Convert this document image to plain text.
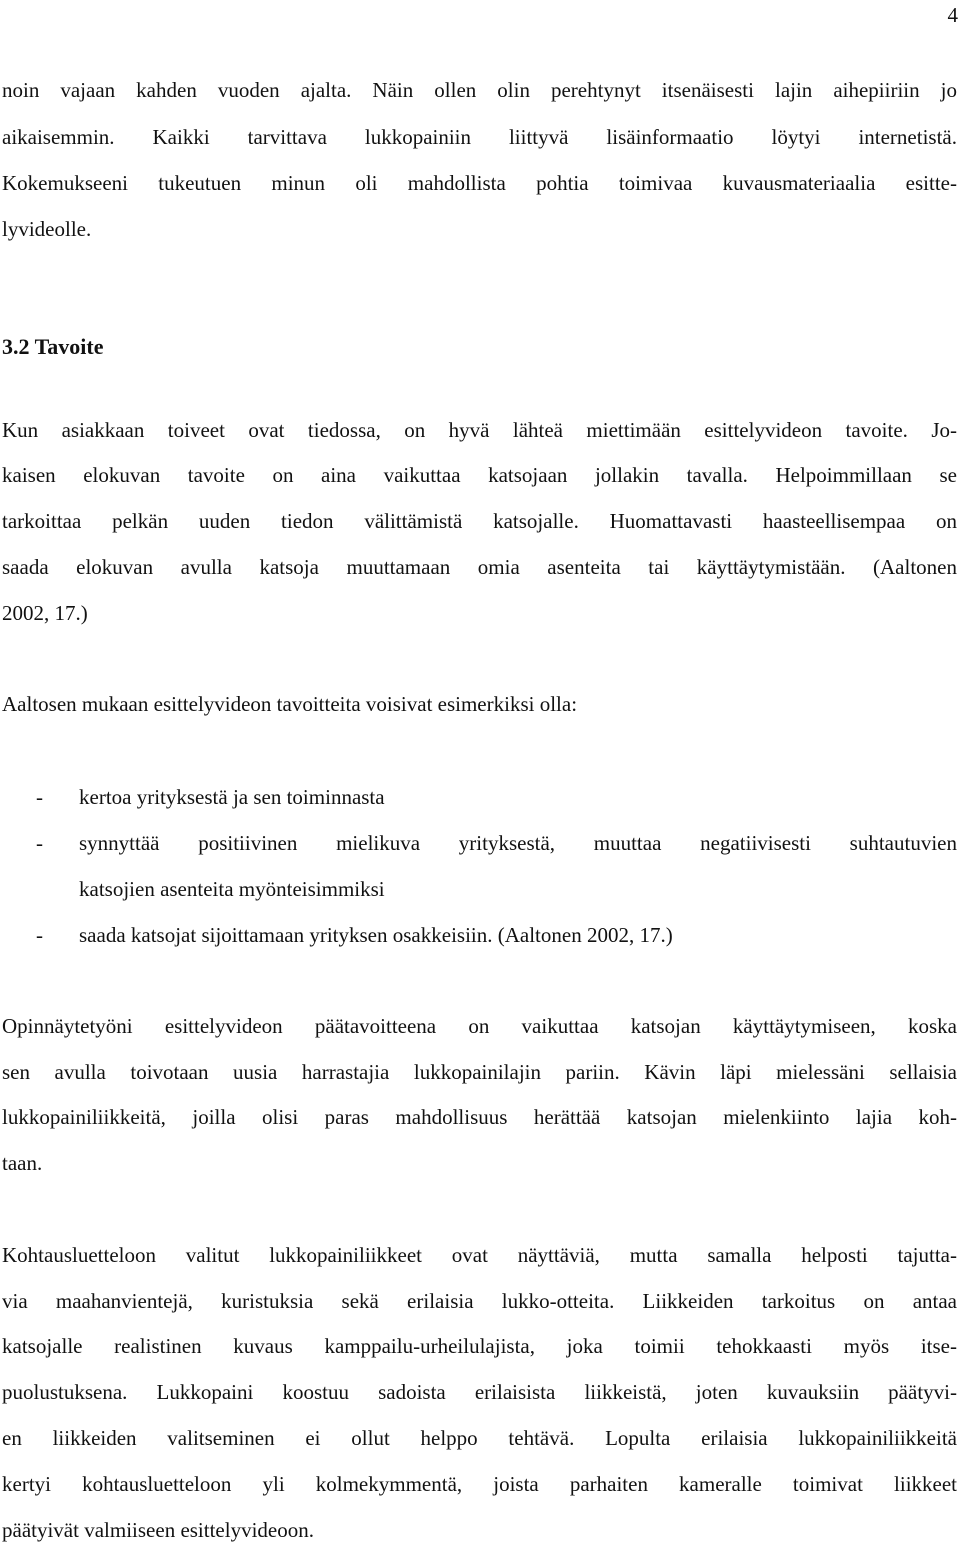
4
noin vajaan kahden vuoden ajalta. Näin ollen olin perehtynyt itsenäisesti lajin aihepiiriin jo
aikaisemmin. Kaikki tarvittava lukkopainiin liittyvä lisäinformaatio löytyi internetistä.
Kokemukseeni tukeutuen minun oli mahdollista pohtia toimivaa kuvausmateriaalia esitte-
lyvideolle.
3.2 Tavoite
Kun asiakkaan toiveet ovat tiedossa, on hyvä lähteä miettimään esittelyvideon tavoite. Jo-
kaisen elokuvan tavoite on aina vaikuttaa katsojaan jollakin tavalla. Helpoimmillaan se
tarkoittaa pelkän uuden tiedon välittämistä katsojalle. Huomattavasti haasteellisempaa on
saada elokuvan avulla katsoja muuttamaan omia asenteita tai käyttäytymistään. (Aaltonen
2002, 17.)
Aaltosen mukaan esittelyvideon tavoitteita voisivat esimerkiksi olla:
- kertoa yrityksestä ja sen toiminnasta
- synnyttää positiivinen mielikuva yrityksestä, muuttaa negatiivisesti suhtautuvien
katsojien asenteita myönteisimmiksi
- saada katsojat sijoittamaan yrityksen osakkeisiin. (Aaltonen 2002, 17.)
Opinnäytetyöni esittelyvideon päätavoitteena on vaikuttaa katsojan käyttäytymiseen, koska
sen avulla toivotaan uusia harrastajia lukkopainilajin pariin. Kävin läpi mielessäni sellaisia
lukkopainiliikkeitä, joilla olisi paras mahdollisuus herättää katsojan mielenkiinto lajia koh-
taan.
Kohtausluetteloon valitut lukkopainiliikkeet ovat näyttäviä, mutta samalla helposti tajutta-
via maahanvientejä, kuristuksia sekä erilaisia lukko-otteita. Liikkeiden tarkoitus on antaa
katsojalle realistinen kuvaus kamppailu-urheilulajista, joka toimii tehokkaasti myös itse-
puolustuksena. Lukkopaini koostuu sadoista erilaisista liikkeistä, joten kuvauksiin päätyvi-
en liikkeiden valitseminen ei ollut helppo tehtävä. Lopulta erilaisia lukkopainiliikkeitä
kertyi kohtausluetteloon yli kolmekymmentä, joista parhaiten kameralle toimivat liikkeet
päätyivät valmiiseen esittelyvideoon.
